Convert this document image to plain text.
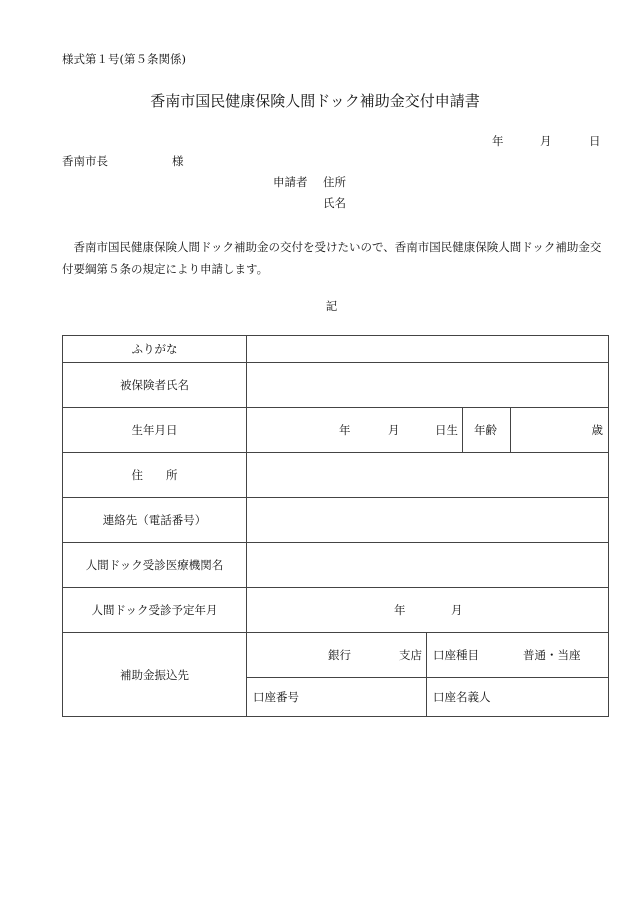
様式第１号(第５条関係)
香南市国民健康保険人間ドック補助金交付申請書
年	月	日
香南市長	様
申請者 住所
氏名
　香南市国民健康保険人間ドック補助金の交付を受けたいので、香南市国民健康保険人間ドック補助金交付要綱第５条の規定により申請します。
記
ふりがな		
被保険者氏名		
生年月日	年 月 日生 年齢 歳	

住　　所		
連絡先（電話番号）		
人間ドック受診医療機関名		
人間ドック受診予定年月	年 月	

補助金振込先	銀行 支店	口座種目 普通・当座

	口座番号	口座名義人
